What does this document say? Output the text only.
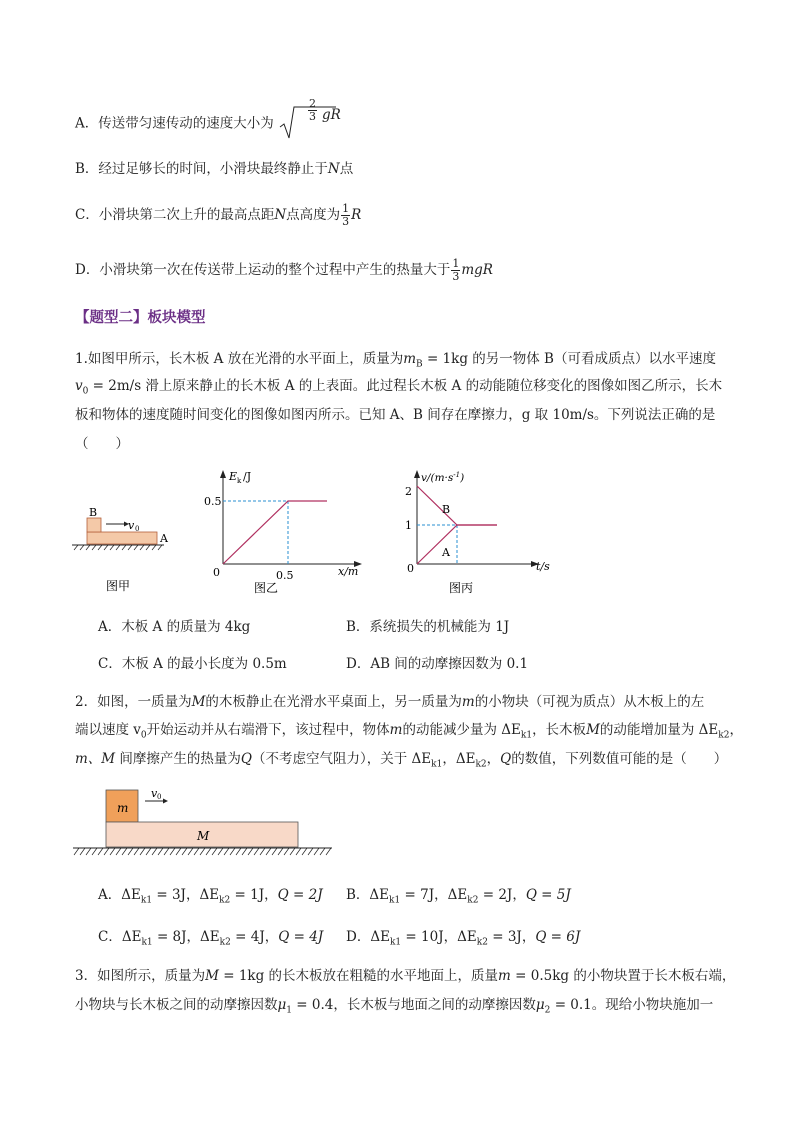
A．传送带匀速传动的速度大小为
$\frac{2}{3}$ gR
B．经过足够长的时间，小滑块最终静止于N点
C．小滑块第二次上升的最高点距N点高度为 $\frac{1}{3}$ R
D．小滑块第一次在传送带上运动的整个过程中产生的热量大于 $\frac{1}{3}$ mgR
【题型二】板块模型
1.如图甲所示，长木板 A 放在光滑的水平面上，质量为$m_B = 1kg$ 的另一物体 B（可看成质点）以水平速度
$v_0 = 2m/s$ 滑上原来静止的长木板 A 的上表面。此过程长木板 A 的动能随位移变化的图像如图乙所示，长木
板和物体的速度随时间变化的图像如图丙所示。已知 A、B 间存在摩擦力，g 取 10m/s。下列说法正确的是
（　　）
B
A
v 0
图甲
E k /J
0.5
0.5
0	x/m
图乙
$v/(m\cdot s^{-1})$
2
1
0	t/s
B
A
图丙
A．木板 A 的质量为 4kg	B．系统损失的机械能为 1J
C．木板 A 的最小长度为 0.5m	D．AB 间的动摩擦因数为 0.1
2．如图，一质量为M的木板静止在光滑水平桌面上，另一质量为m的小物块（可视为质点）从木板上的左
端以速度 $v_0$开始运动并从右端滑下，该过程中，物体m的动能减少量为 $\Delta E_{k1}$，长木板M的动能增加量为 $\Delta E_{k2}$，
m、M 间摩擦产生的热量为Q（不考虑空气阻力），关于 $\Delta E_{k1}$，$\Delta E_{k2}$，Q的数值，下列数值可能的是（　　）
m
M
v 0
A．$\Delta E_{k1} = 3J$，$\Delta E_{k2} = 1J$，Q = 2J B．$\Delta E_{k1} = 7J$，$\Delta E_{k2} = 2J$，Q = 5J
C．$\Delta E_{k1} = 8J$，$\Delta E_{k2} = 4J$，Q = 4J D．$\Delta E_{k1} = 10J$，$\Delta E_{k2} = 3J$，Q = 6J
3．如图所示，质量为M = 1kg 的长木板放在粗糙的水平地面上，质量m = 0.5kg 的小物块置于长木板右端，
小物块与长木板之间的动摩擦因数$\mu_1 = 0.4$，长木板与地面之间的动摩擦因数$\mu_2 = 0.1$。现给小物块施加一
